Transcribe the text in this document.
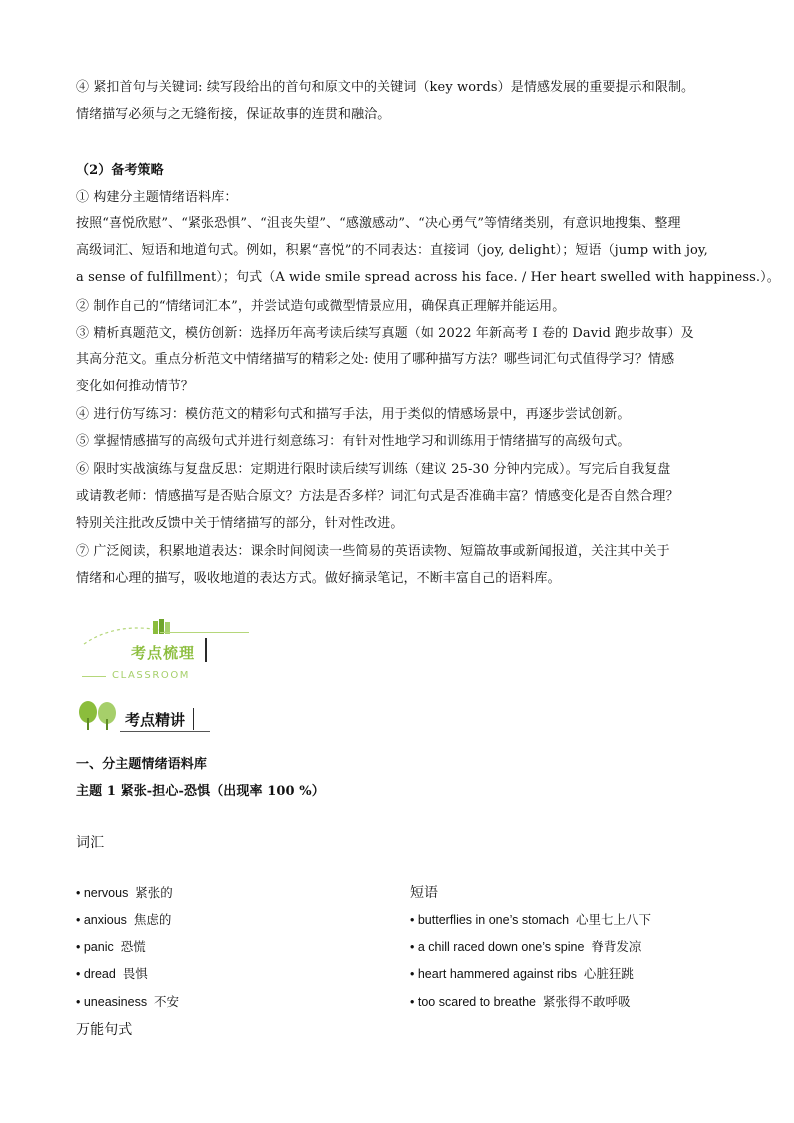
④ 紧扣首句与关键词: 续写段给出的首句和原文中的关键词（key words）是情感发展的重要提示和限制。
情绪描写必须与之无缝衔接，保证故事的连贯和融洽。
（2）备考策略
① 构建分主题情绪语料库：
按照“喜悦欣慰”、“紧张恐惧”、“沮丧失望”、“感激感动”、“决心勇气”等情绪类别，有意识地搜集、整理
高级词汇、短语和地道句式。例如，积累“喜悦”的不同表达：直接词（joy, delight）；短语（jump with joy,
a sense of fulfillment）；句式（A wide smile spread across his face. / Her heart swelled with happiness.）。
② 制作自己的“情绪词汇本”，并尝试造句或微型情景应用，确保真正理解并能运用。
③ 精析真题范文，模仿创新：选择历年高考读后续写真题（如 2022 年新高考 I 卷的 David 跑步故事）及
其高分范文。重点分析范文中情绪描写的精彩之处: 使用了哪种描写方法？哪些词汇句式值得学习？情感
变化如何推动情节？
④ 进行仿写练习：模仿范文的精彩句式和描写手法，用于类似的情感场景中，再逐步尝试创新。
⑤ 掌握情感描写的高级句式并进行刻意练习：有针对性地学习和训练用于情绪描写的高级句式。
⑥ 限时实战演练与复盘反思：定期进行限时读后续写训练（建议 25-30 分钟内完成）。写完后自我复盘
或请教老师：情感描写是否贴合原文？方法是否多样？词汇句式是否准确丰富？情感变化是否自然合理？
特别关注批改反馈中关于情绪描写的部分，针对性改进。
⑦ 广泛阅读，积累地道表达：课余时间阅读一些简易的英语读物、短篇故事或新闻报道，关注其中关于
情绪和心理的描写，吸收地道的表达方式。做好摘录笔记，不断丰富自己的语料库。
考点梳理
CLASSROOM
考点精讲
一、分主题情绪语料库
主题 1 紧张-担心-恐惧（出现率 100 %）
词汇
• nervous 紧张的
• anxious 焦虑的
• panic 恐慌
• dread 畏惧
• uneasiness 不安
短语
• butterflies in one’s stomach 心里七上八下
• a chill raced down one’s spine 脊背发凉
• heart hammered against ribs 心脏狂跳
• too scared to breathe 紧张得不敢呼吸
万能句式
